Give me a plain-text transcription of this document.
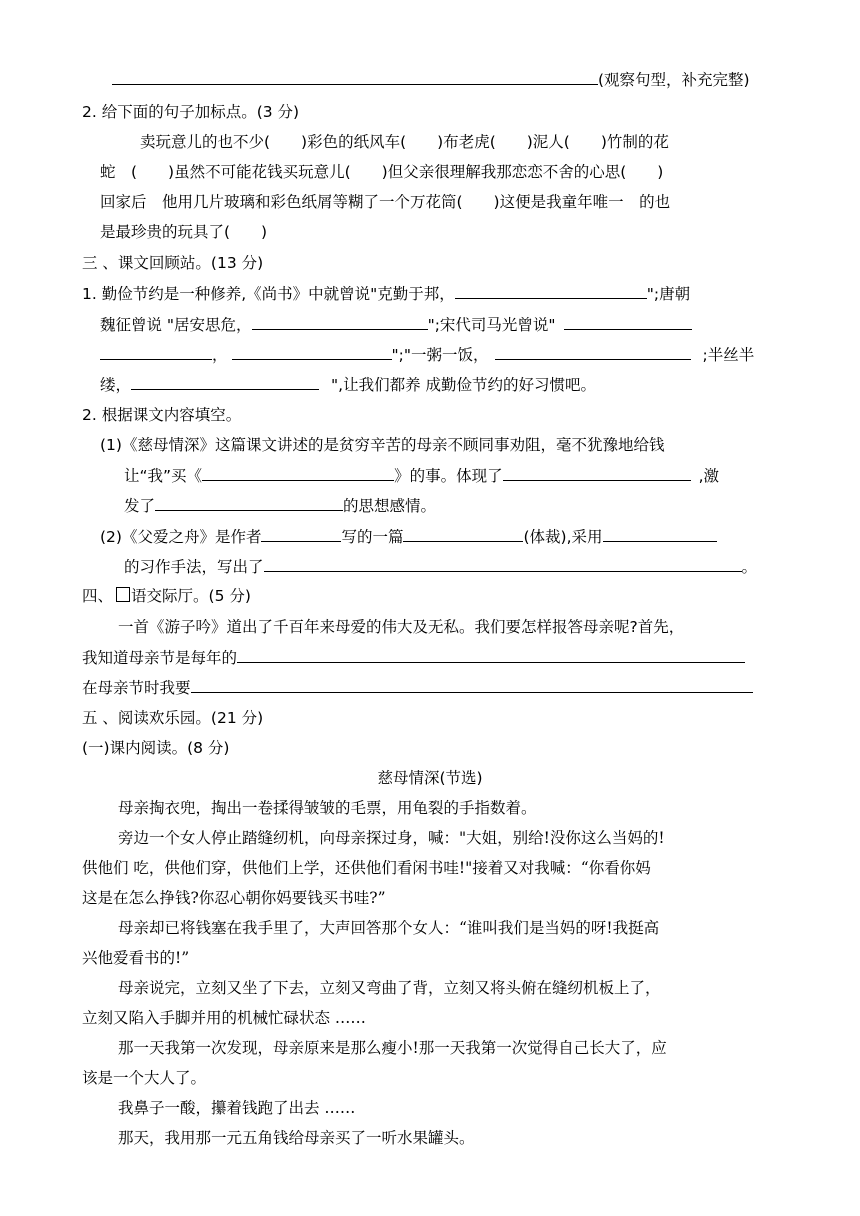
(观察句型，补充完整)
2. 给下面的句子加标点。(3 分)
卖玩意儿的也不少(　　)彩色的纸风车(　　)布老虎(　　)泥人(　　)竹制的花
蛇　(　　)虽然不可能花钱买玩意儿(　　)但父亲很理解我那恋恋不舍的心思(　　)
回家后　他用几片玻璃和彩色纸屑等糊了一个万花筒(　　)这便是我童年唯一　的也
是最珍贵的玩具了(　　)
三 、课文回顾站。(13 分)
1. 勤俭节约是一种修养,《尚书》中就曾说"克勤于邦，	";唐朝
魏征曾说 "居安思危，	";宋代司马光曾说"
，	";"一粥一饭，	;半丝半
缕，	",让我们都养 成勤俭节约的好习惯吧。
2. 根据课文内容填空。
(1)《慈母情深》这篇课文讲述的是贫穷辛苦的母亲不顾同事劝阻，毫不犹豫地给钱
让“我”买《	》的事。体现了	,激
发了	的思想感情。
(2)《父爱之舟》是作者	写的一篇	(体裁),采用
的习作手法，写出了	。
四、 语交际厅。(5 分)
一首《游子吟》道出了千百年来母爱的伟大及无私。我们要怎样报答母亲呢?首先，
我知道母亲节是每年的
在母亲节时我要
五 、阅读欢乐园。(21 分)
(一)课内阅读。(8 分)
慈母情深(节选)
母亲掏衣兜，掏出一卷揉得皱皱的毛票，用龟裂的手指数着。
旁边一个女人停止踏缝纫机，向母亲探过身，喊："大姐，别给!没你这么当妈的!
供他们 吃，供他们穿，供他们上学，还供他们看闲书哇!"接着又对我喊：“你看你妈
这是在怎么挣钱?你忍心朝你妈要钱买书哇?”
母亲却已将钱塞在我手里了，大声回答那个女人：“谁叫我们是当妈的呀!我挺高
兴他爱看书的!”
母亲说完，立刻又坐了下去，立刻又弯曲了背，立刻又将头俯在缝纫机板上了，
立刻又陷入手脚并用的机械忙碌状态 ……
那一天我第一次发现，母亲原来是那么瘦小!那一天我第一次觉得自己长大了，应
该是一个大人了。
我鼻子一酸，攥着钱跑了出去 ……
那天，我用那一元五角钱给母亲买了一听水果罐头。
